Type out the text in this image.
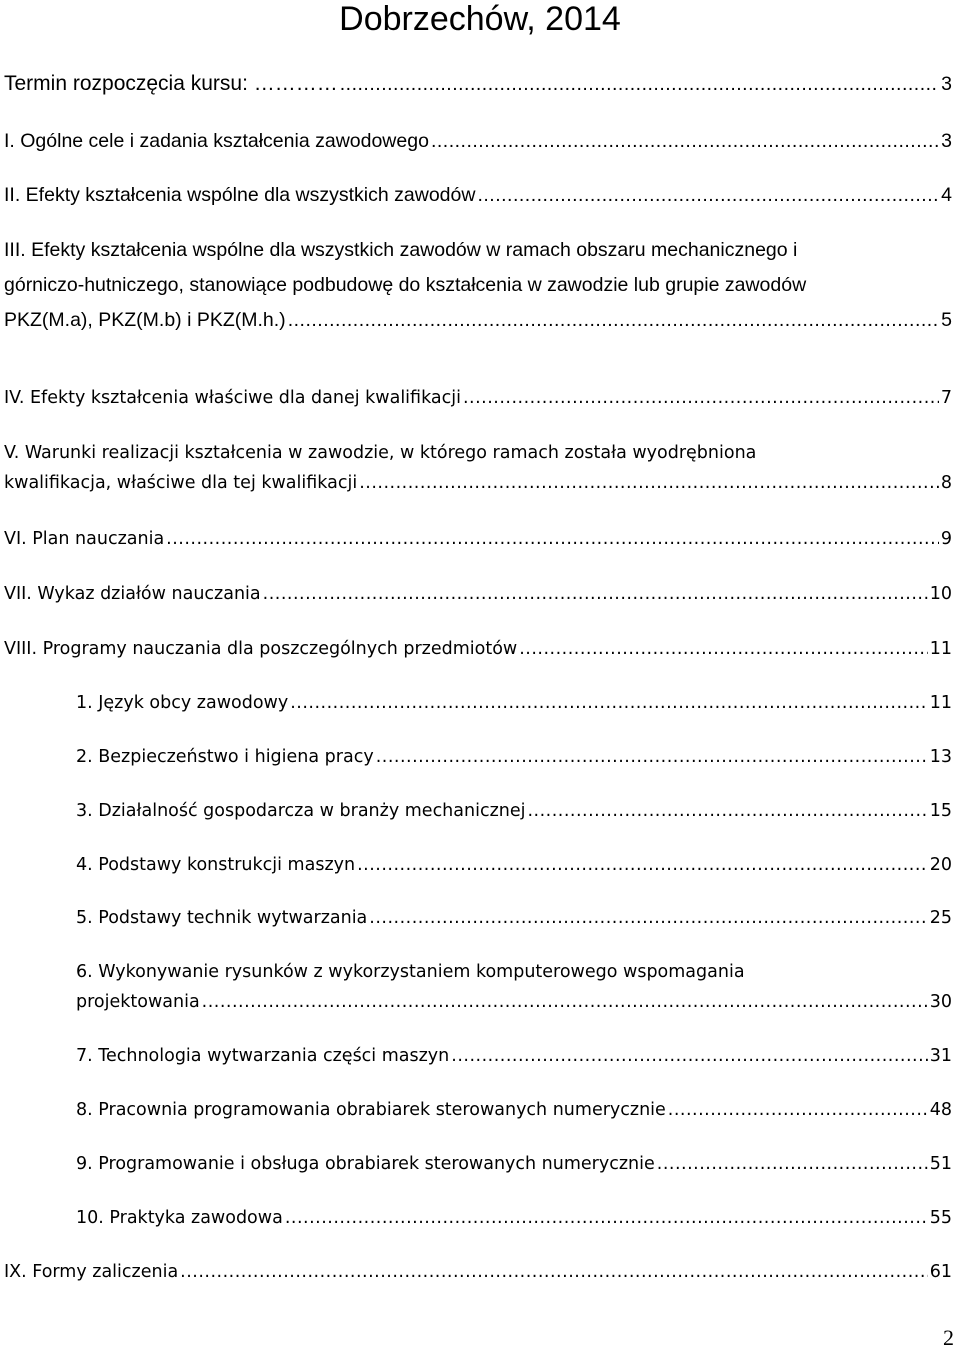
Dobrzechów, 2014
Termin rozpoczęcia kursu: ………… .....	3
I. Ogólne cele i zadania kształcenia zawodowego .....	3
II. Efekty kształcenia wspólne dla wszystkich zawodów .....	4
III. Efekty kształcenia wspólne dla wszystkich zawodów w ramach obszaru mechanicznego i
górniczo-hutniczego, stanowiące podbudowę do kształcenia w zawodzie lub grupie zawodów
PKZ(M.a), PKZ(M.b) i PKZ(M.h.) .....	5
IV. Efekty kształcenia właściwe dla danej kwalifikacji .....	7
V. Warunki realizacji kształcenia w zawodzie, w którego ramach została wyodrębniona
kwalifikacja, właściwe dla tej kwalifikacji .....	8
VI. Plan nauczania .....	9
VII. Wykaz działów nauczania .....	10
VIII. Programy nauczania dla poszczególnych przedmiotów .....	11
1. Język obcy zawodowy .....	11
2. Bezpieczeństwo i higiena pracy .....	13
3. Działalność gospodarcza w branży mechanicznej .....	15
4. Podstawy konstrukcji maszyn .....	20
5. Podstawy technik wytwarzania .....	25
6. Wykonywanie rysunków z wykorzystaniem komputerowego wspomagania
projektowania .....	30
7. Technologia wytwarzania części maszyn .....	31
8. Pracownia programowania obrabiarek sterowanych numerycznie .....	48
9. Programowanie i obsługa obrabiarek sterowanych numerycznie .....	51
10. Praktyka zawodowa .....	55
IX. Formy zaliczenia .....	61
2
